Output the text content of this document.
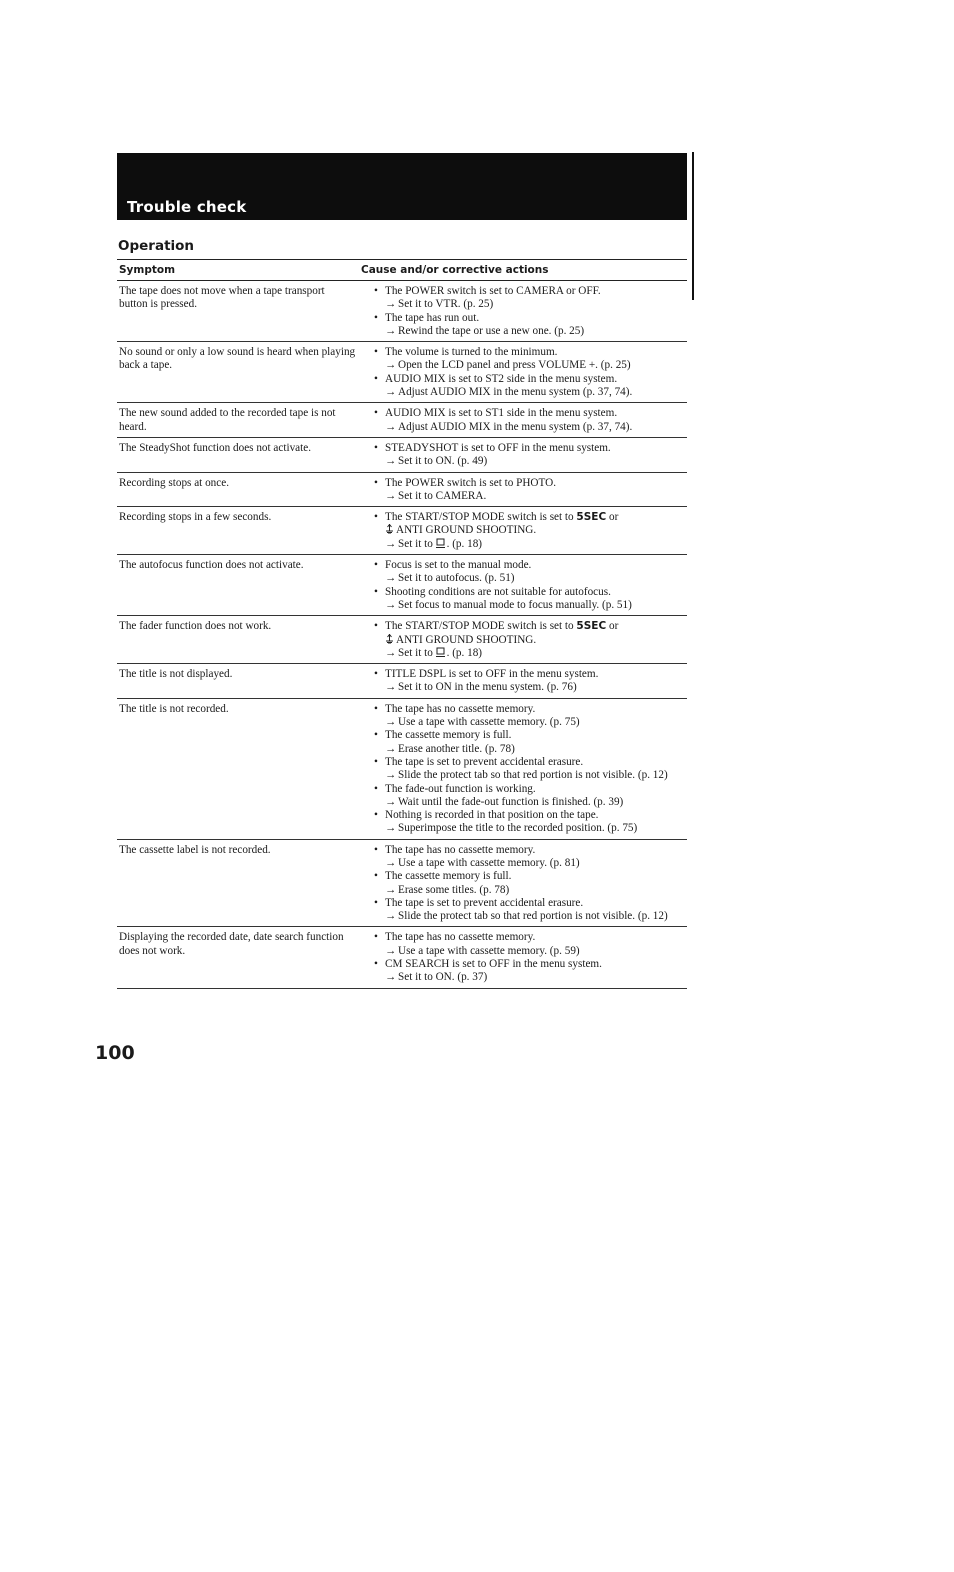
Trouble check
Operation
Symptom	Cause and/or corrective actions
The tape does not move when a tape transport button is pressed.
• The POWER switch is set to CAMERA or OFF.
→ Set it to VTR. (p. 25)
• The tape has run out.
→ Rewind the tape or use a new one. (p. 25)
No sound or only a low sound is heard when playing back a tape.
• The volume is turned to the minimum.
→ Open the LCD panel and press VOLUME +. (p. 25)
• AUDIO MIX is set to ST2 side in the menu system.
→ Adjust AUDIO MIX in the menu system (p. 37, 74).
The new sound added to the recorded tape is not heard.
• AUDIO MIX is set to ST1 side in the menu system.
→ Adjust AUDIO MIX in the menu system (p. 37, 74).
The SteadyShot function does not activate.	• STEADYSHOT is set to OFF in the menu system.
→ Set it to ON. (p. 49)
Recording stops at once.	• The POWER switch is set to PHOTO.
→ Set it to CAMERA.
Recording stops in a few seconds.	• The START/STOP MODE switch is set to 5SEC or
ANTI GROUND SHOOTING.
→ Set it to . (p. 18)
The autofocus function does not activate.	• Focus is set to the manual mode.
→ Set it to autofocus. (p. 51)
• Shooting conditions are not suitable for autofocus.
→ Set focus to manual mode to focus manually. (p. 51)
The fader function does not work.	• The START/STOP MODE switch is set to 5SEC or
ANTI GROUND SHOOTING.
→ Set it to . (p. 18)
The title is not displayed.	• TITLE DSPL is set to OFF in the menu system.
→ Set it to ON in the menu system. (p. 76)
The title is not recorded.	• The tape has no cassette memory.
→ Use a tape with cassette memory. (p. 75)
• The cassette memory is full.
→ Erase another title. (p. 78)
• The tape is set to prevent accidental erasure.
→ Slide the protect tab so that red portion is not visible. (p. 12)
• The fade-out function is working.
→ Wait until the fade-out function is finished. (p. 39)
• Nothing is recorded in that position on the tape.
→ Superimpose the title to the recorded position. (p. 75)
The cassette label is not recorded.	• The tape has no cassette memory.
→ Use a tape with cassette memory. (p. 81)
• The cassette memory is full.
→ Erase some titles. (p. 78)
• The tape is set to prevent accidental erasure.
→ Slide the protect tab so that red portion is not visible. (p. 12)
Displaying the recorded date, date search function does not work.
• The tape has no cassette memory.
→ Use a tape with cassette memory. (p. 59)
• CM SEARCH is set to OFF in the menu system.
→ Set it to ON. (p. 37)
100
